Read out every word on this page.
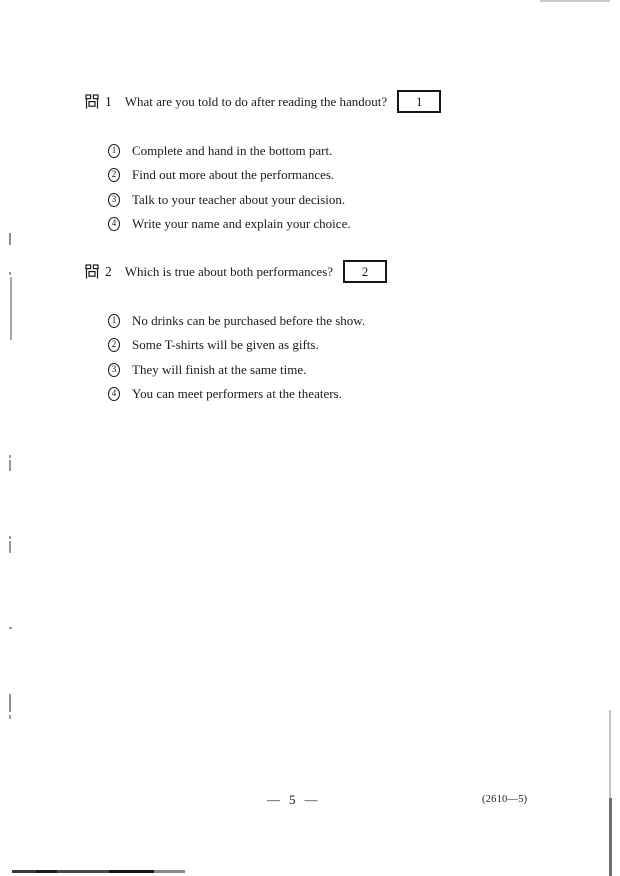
1 What are you told to do after reading the handout? 1
1 Complete and hand in the bottom part.
2 Find out more about the performances.
3 Talk to your teacher about your decision.
4 Write your name and explain your choice.
2 Which is true about both performances? 2
1 No drinks can be purchased before the show.
2 Some T-shirts will be given as gifts.
3 They will finish at the same time.
4 You can meet performers at the theaters.
— 5 —	(2610—5)
